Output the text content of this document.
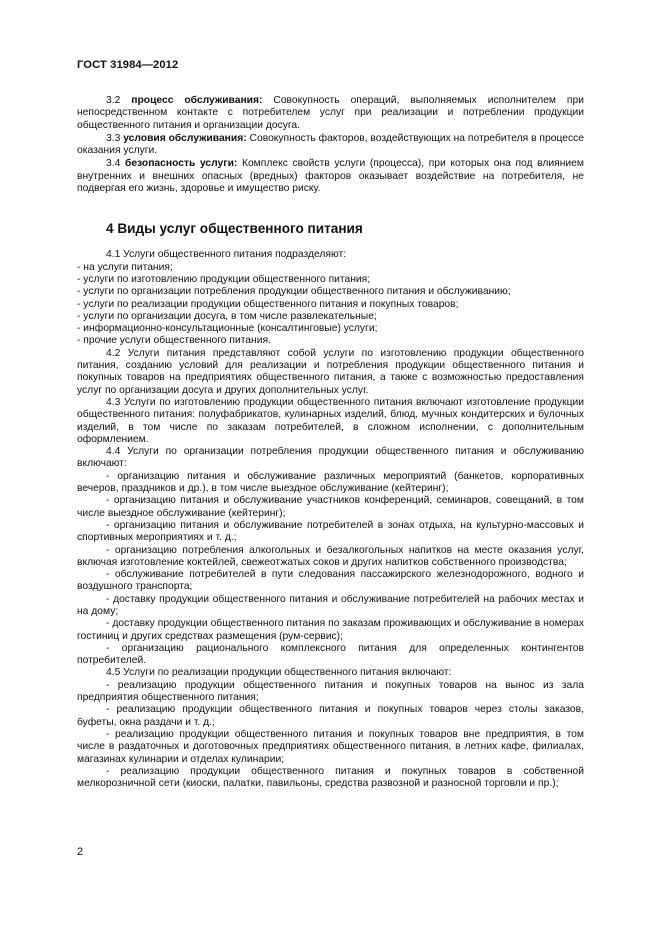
ГОСТ 31984—2012

3.2 процесс обслуживания: Совокупность операций, выполняемых исполнителем при непосредственном контакте с потребителем услуг при реализации и потреблении продукции общественного питания и организации досуга.

3.3 условия обслуживания: Совокупность факторов, воздействующих на потребителя в процессе оказания услуги.

3.4 безопасность услуги: Комплекс свойств услуги (процесса), при которых она под влиянием внутренних и внешних опасных (вредных) факторов оказывает воздействие на потребителя, не подвергая его жизнь, здоровье и имущество риску.

4 Виды услуг общественного питания

4.1 Услуги общественного питания подразделяют:

- на услуги питания;

- услуги по изготовлению продукции общественного питания;

- услуги по организации потребления продукции общественного питания и обслуживанию;

- услуги по реализации продукции общественного питания и покупных товаров;

- услуги по организации досуга, в том числе развлекательные;

- информационно-консультационные (консалтинговые) услуги;

- прочие услуги общественного питания.

4.2 Услуги питания представляют собой услуги по изготовлению продукции общественного питания, созданию условий для реализации и потребления продукции общественного питания и покупных товаров на предприятиях общественного питания, а также с возможностью предоставления услуг по организации досуга и других дополнительных услуг.

4.3 Услуги по изготовлению продукции общественного питания включают изготовление продукции общественного питания: полуфабрикатов, кулинарных изделий, блюд, мучных кондитерских и булочных изделий, в том числе по заказам потребителей, в сложном исполнении, с дополнительным оформлением.

4.4 Услуги по организации потребления продукции общественного питания и обслуживанию включают:

- организацию питания и обслуживание различных мероприятий (банкетов, корпоративных вечеров, праздников и др.), в том числе выездное обслуживание (кейтеринг);

- организацию питания и обслуживание участников конференций, семинаров, совещаний, в том числе выездное обслуживание (кейтеринг);

- организацию питания и обслуживание потребителей в зонах отдыха, на культурно-массовых и спортивных мероприятиях и т. д.;

- организацию потребления алкогольных и безалкогольных напитков на месте оказания услуг, включая изготовление коктейлей, свежеотжатых соков и других напитков собственного производства;

- обслуживание потребителей в пути следования пассажирского железнодорожного, водного и воздушного транспорта;

- доставку продукции общественного питания и обслуживание потребителей на рабочих местах и на дому;

- доставку продукции общественного питания по заказам проживающих и обслуживание в номерах гостиниц и других средствах размещения (рум-сервис);

- организацию рационального комплексного питания для определенных контингентов потребителей.

4.5 Услуги по реализации продукции общественного питания включают:

- реализацию продукции общественного питания и покупных товаров на вынос из зала предприятия общественного питания;

- реализацию продукции общественного питания и покупных товаров через столы заказов, буфеты, окна раздачи и т. д.;

- реализацию продукции общественного питания и покупных товаров вне предприятия, в том числе в раздаточных и доготовочных предприятиях общественного питания, в летних кафе, филиалах, магазинах кулинарии и отделах кулинарии;

- реализацию продукции общественного питания и покупных товаров в собственной мелкорозничной сети (киоски, палатки, павильоны, средства развозной и разносной торговли и пр.);

2
